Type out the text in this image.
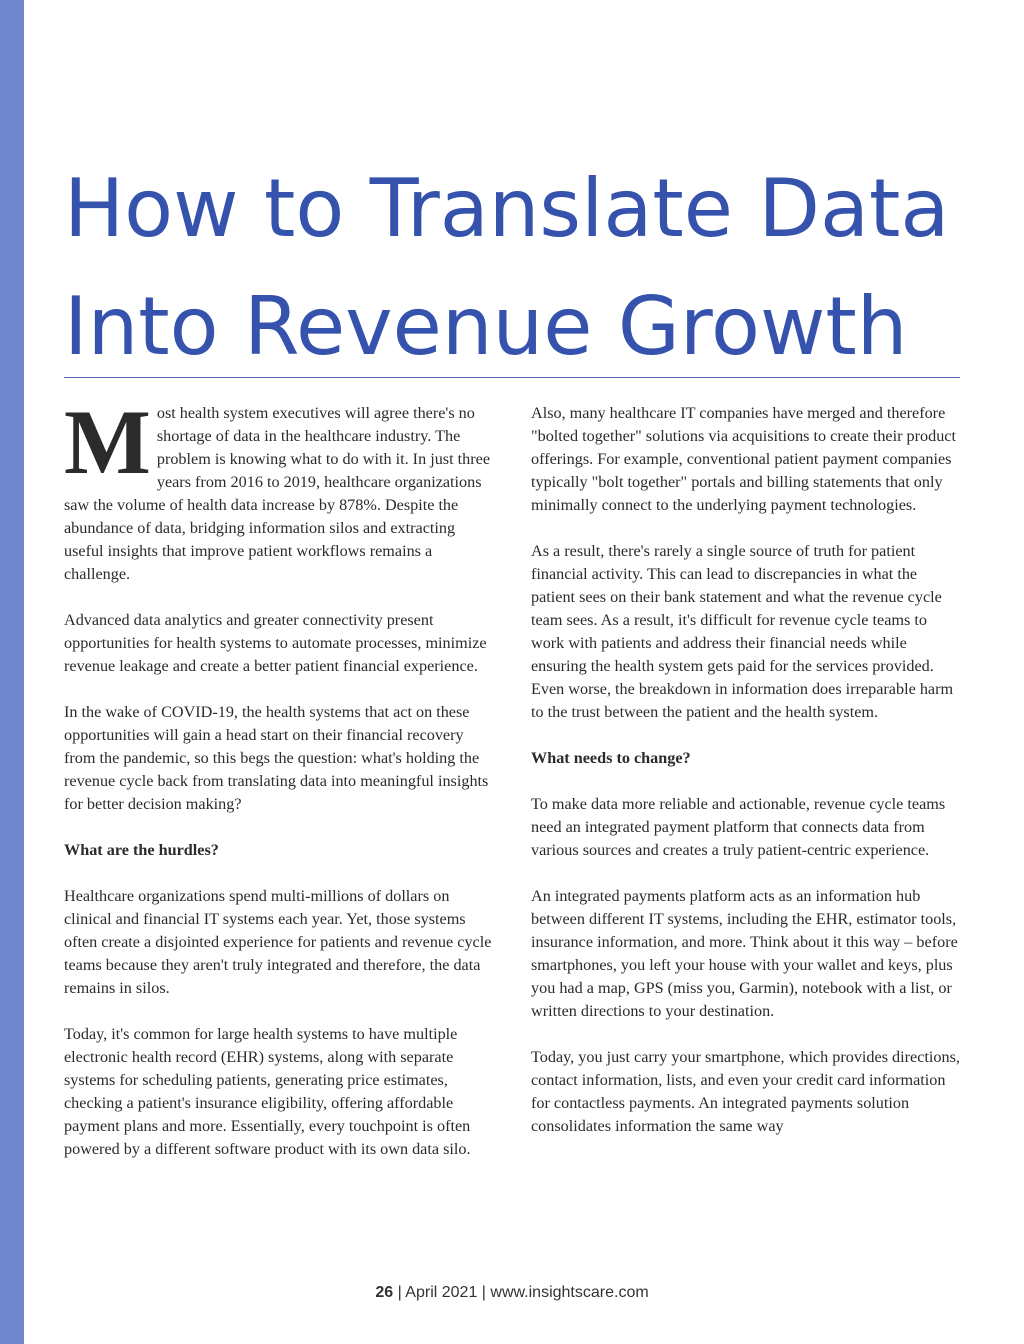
How to Translate Data
Into Revenue Growth

Most health system executives will agree there's no shortage of data in the healthcare industry. The problem is knowing what to do with it. In just three years from 2016 to 2019, healthcare organizations saw the volume of health data increase by 878%. Despite the abundance of data, bridging information silos and extracting useful insights that improve patient workflows remains a challenge.

Advanced data analytics and greater connectivity present opportunities for health systems to automate processes, minimize revenue leakage and create a better patient financial experience.

In the wake of COVID-19, the health systems that act on these opportunities will gain a head start on their financial recovery from the pandemic, so this begs the question: what's holding the revenue cycle back from translating data into meaningful insights for better decision making?

What are the hurdles?

Healthcare organizations spend multi-millions of dollars on clinical and financial IT systems each year. Yet, those systems often create a disjointed experience for patients and revenue cycle teams because they aren't truly integrated and therefore, the data remains in silos.

Today, it's common for large health systems to have multiple electronic health record (EHR) systems, along with separate systems for scheduling patients, generating price estimates, checking a patient's insurance eligibility, offering affordable payment plans and more. Essentially, every touchpoint is often powered by a different software product with its own data silo.

Also, many healthcare IT companies have merged and therefore "bolted together" solutions via acquisitions to create their product offerings. For example, conventional patient payment companies typically "bolt together" portals and billing statements that only minimally connect to the underlying payment technologies.

As a result, there's rarely a single source of truth for patient financial activity. This can lead to discrepancies in what the patient sees on their bank statement and what the revenue cycle team sees. As a result, it's difficult for revenue cycle teams to work with patients and address their financial needs while ensuring the health system gets paid for the services provided. Even worse, the breakdown in information does irreparable harm to the trust between the patient and the health system.

What needs to change?

To make data more reliable and actionable, revenue cycle teams need an integrated payment platform that connects data from various sources and creates a truly patient-centric experience.

An integrated payments platform acts as an information hub between different IT systems, including the EHR, estimator tools, insurance information, and more. Think about it this way – before smartphones, you left your house with your wallet and keys, plus you had a map, GPS (miss you, Garmin), notebook with a list, or written directions to your destination.

Today, you just carry your smartphone, which provides directions, contact information, lists, and even your credit card information for contactless payments. An integrated payments solution consolidates information the same way

26 | April 2021 | www.insightscare.com
